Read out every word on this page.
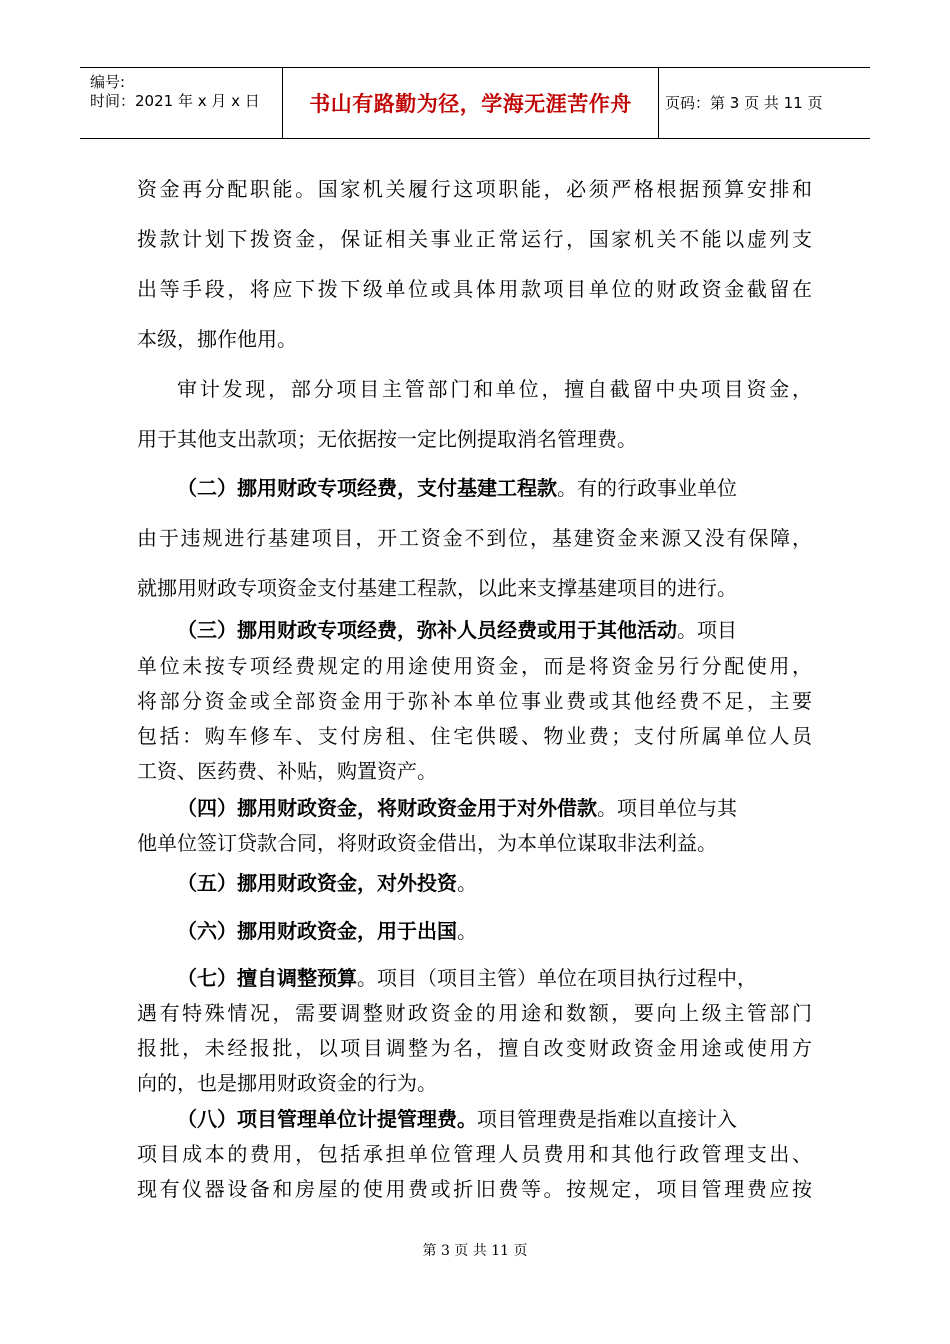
编号:
时间：2021 年 x 月 x 日 书山有路勤为径，学海无涯苦作舟 页码：第 3 页 共 11 页
资金再分配职能。国家机关履行这项职能，必须严格根据预算安排和
拨款计划下拨资金，保证相关事业正常运行，国家机关不能以虚列支
出等手段，将应下拨下级单位或具体用款项目单位的财政资金截留在
本级，挪作他用。
审计发现，部分项目主管部门和单位，擅自截留中央项目资金，
用于其他支出款项；无依据按一定比例提取消名管理费。
（二）挪用财政专项经费，支付基建工程款。有的行政事业单位
由于违规进行基建项目，开工资金不到位，基建资金来源又没有保障，
就挪用财政专项资金支付基建工程款，以此来支撑基建项目的进行。
（三）挪用财政专项经费，弥补人员经费或用于其他活动。项目
单位未按专项经费规定的用途使用资金，而是将资金另行分配使用，
将部分资金或全部资金用于弥补本单位事业费或其他经费不足，主要
包括：购车修车、支付房租、住宅供暖、物业费；支付所属单位人员
工资、医药费、补贴，购置资产。
（四）挪用财政资金，将财政资金用于对外借款。项目单位与其
他单位签订贷款合同，将财政资金借出，为本单位谋取非法利益。
（五）挪用财政资金，对外投资。
（六）挪用财政资金，用于出国。
（七）擅自调整预算。项目（项目主管）单位在项目执行过程中，
遇有特殊情况，需要调整财政资金的用途和数额，要向上级主管部门
报批，未经报批，以项目调整为名，擅自改变财政资金用途或使用方
向的，也是挪用财政资金的行为。
（八）项目管理单位计提管理费。项目管理费是指难以直接计入
项目成本的费用，包括承担单位管理人员费用和其他行政管理支出、
现有仪器设备和房屋的使用费或折旧费等。按规定，项目管理费应按
第 3 页 共 11 页
